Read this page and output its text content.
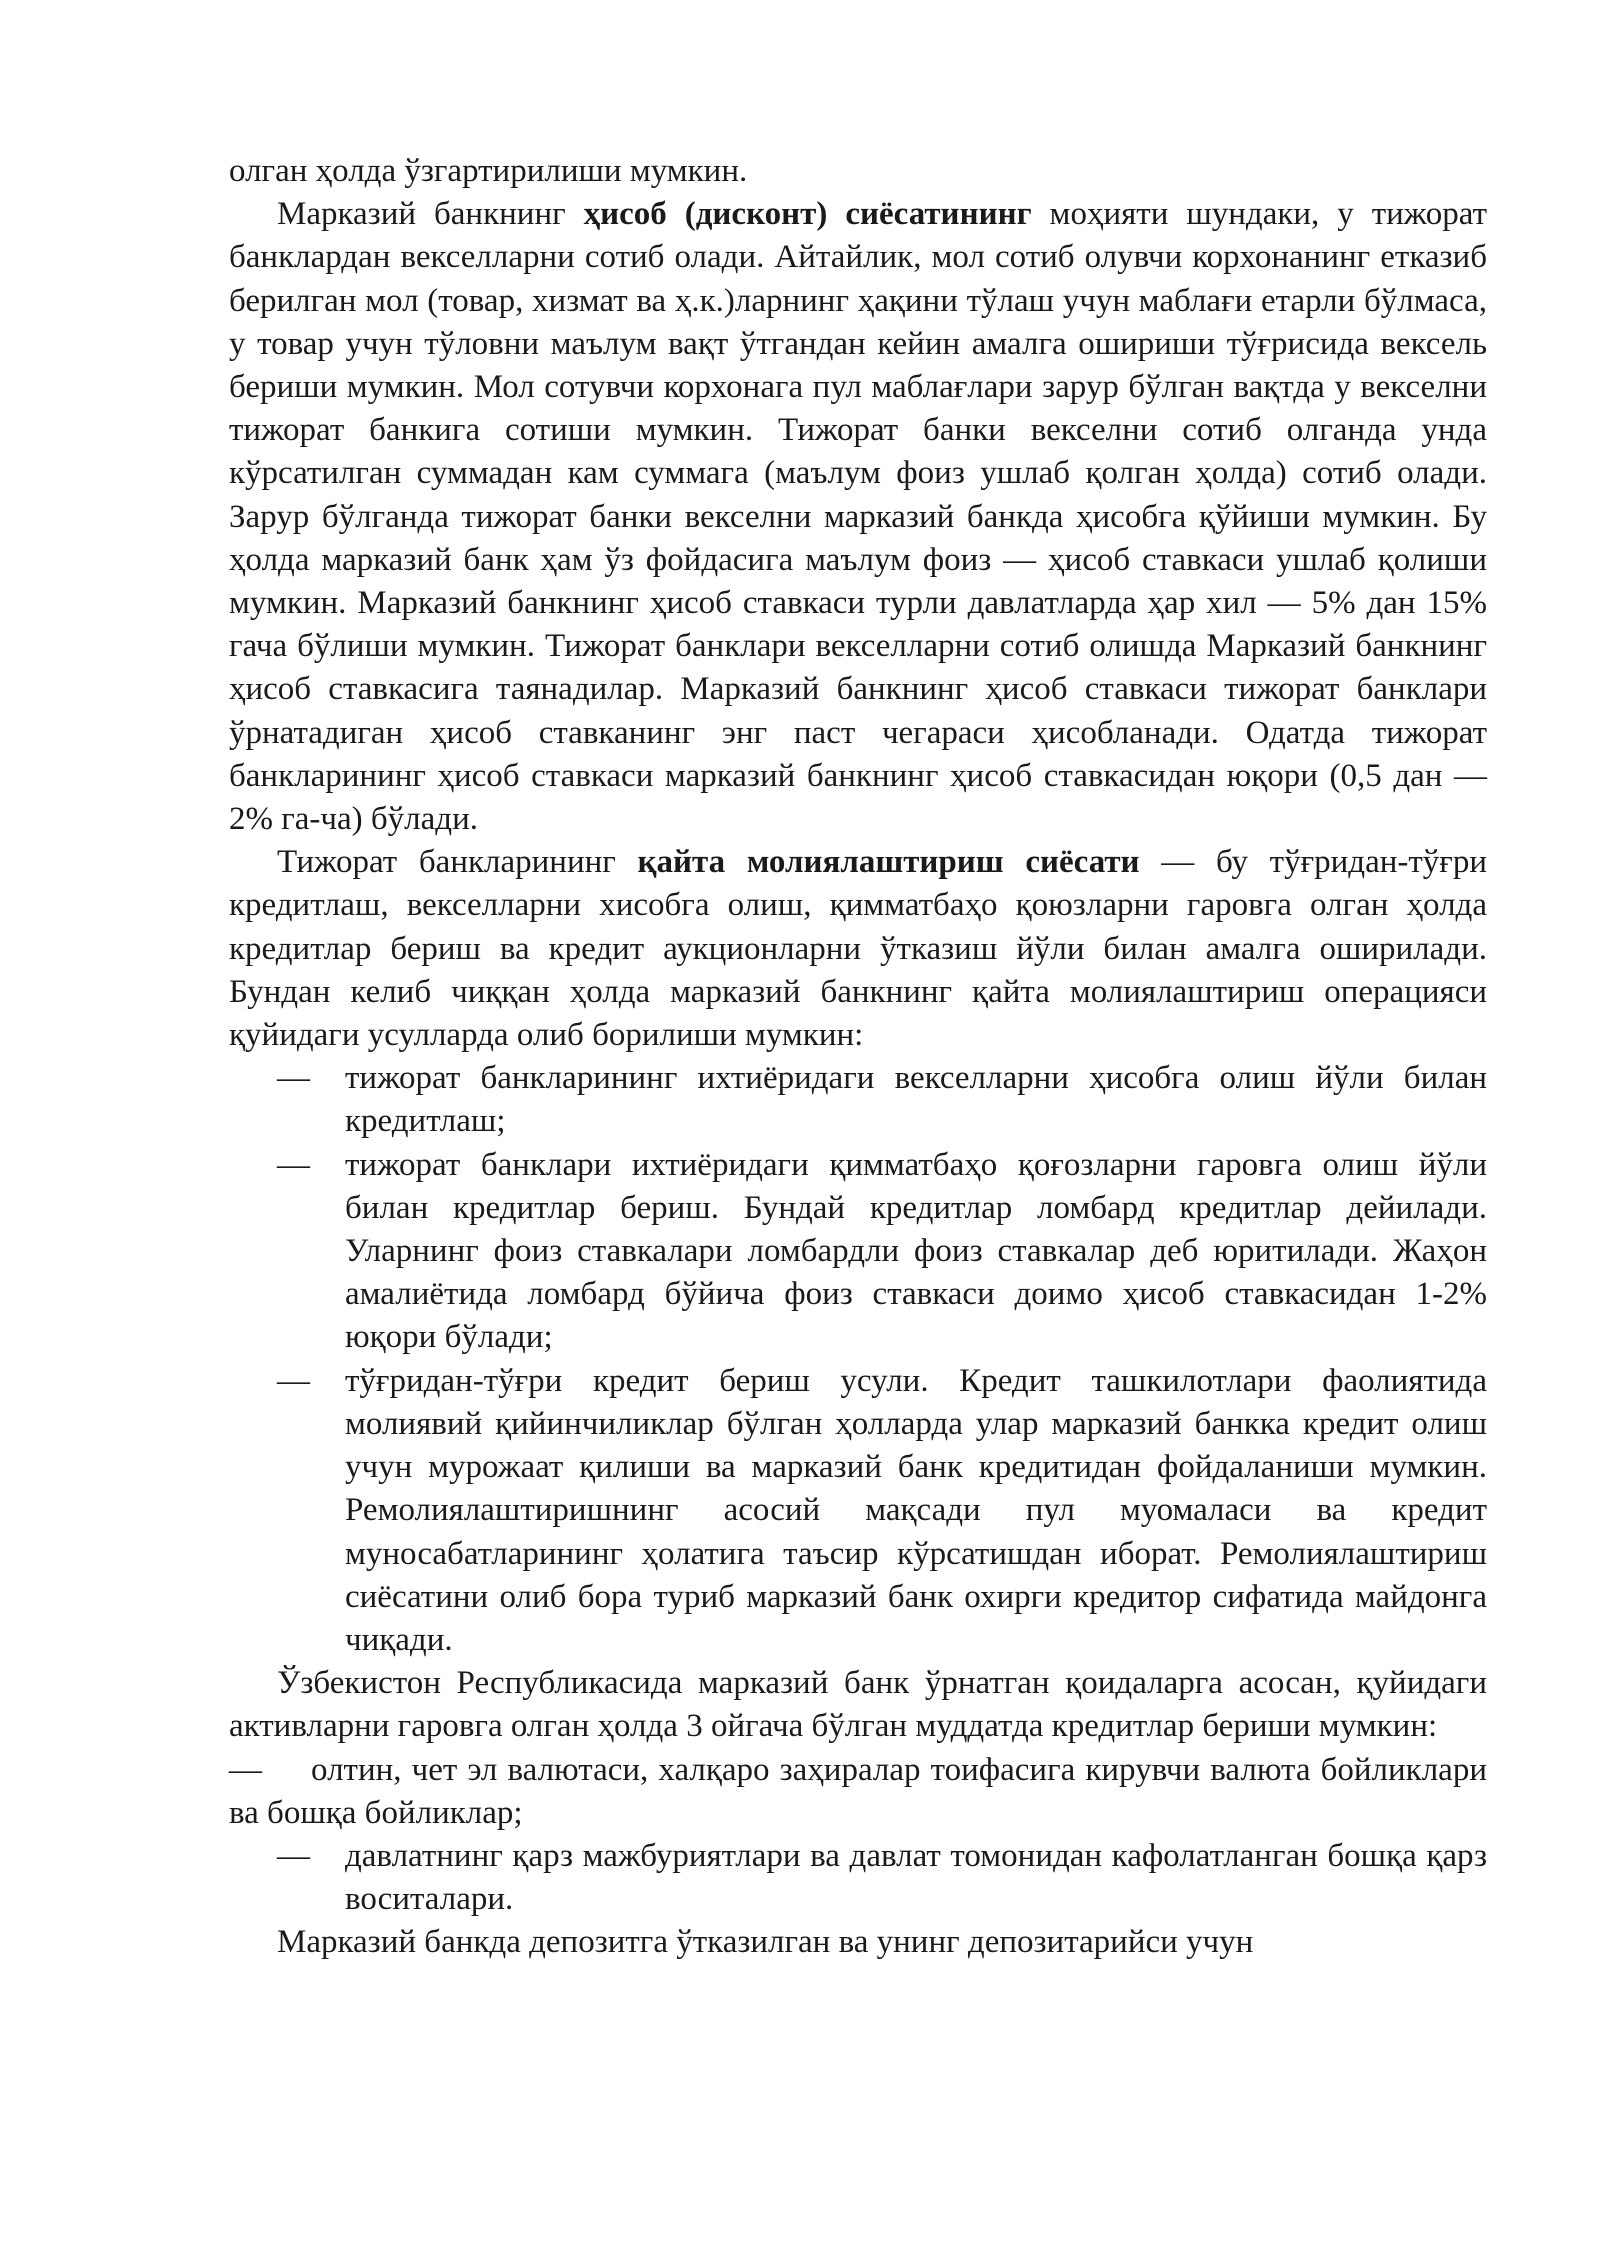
олган ҳолда ўзгартирилиши мумкин.

Марказий банкнинг ҳисоб (дисконт) сиёсатининг моҳияти шундаки, у тижорат банклардан векселларни сотиб олади. Айтайлик, мол сотиб олувчи корхонанинг етказиб берилган мол (товар, хизмат ва ҳ.к.)ларнинг ҳақини тўлаш учун маблағи етарли бўлмаса, у товар учун тўловни маълум вақт ўтгандан кейин амалга ошириши тўғрисида вексель бериши мумкин. Мол сотувчи корхонага пул маблағлари зарур бўлган вақтда у векселни тижорат банкига сотиши мумкин. Тижорат банки векселни сотиб олганда унда кўрсатилган суммадан кам суммага (маълум фоиз ушлаб қолган ҳолда) сотиб олади. Зарур бўлганда тижорат банки векселни марказий банкда ҳисобга қўйиши мумкин. Бу ҳолда марказий банк ҳам ўз фойдасига маълум фоиз — ҳисоб ставкаси ушлаб қолиши мумкин. Марказий банкнинг ҳисоб ставкаси турли давлатларда ҳар хил — 5% дан 15% гача бўлиши мумкин. Тижорат банклари векселларни сотиб олишда Марказий банкнинг ҳисоб ставкасига таянадилар. Марказий банкнинг ҳисоб ставкаси тижорат банклари ўрнатадиган ҳисоб ставканинг энг паст чегараси ҳисобланади. Одатда тижорат банкларининг ҳисоб ставкаси марказий банкнинг ҳисоб ставкасидан юқори (0,5 дан — 2% га-ча) бўлади.

Тижорат банкларининг қайта молиялаштириш сиёсати — бу тўғридан-тўғри кредитлаш, векселларни хисобга олиш, қимматбаҳо қоюзларни гаровга олган ҳолда кредитлар бериш ва кредит аукционларни ўтказиш йўли билан амалга оширилади. Бундан келиб чиққан ҳолда марказий банкнинг қайта молиялаштириш операцияси қуйидаги усулларда олиб борилиши мумкин:

— тижорат банкларининг ихтиёридаги векселларни ҳисобга олиш йўли билан кредитлаш;
— тижорат банклари ихтиёридаги қимматбаҳо қоғозларни гаровга олиш йўли билан кредитлар бериш. Бундай кредитлар ломбард кредитлар дейилади. Уларнинг фоиз ставкалари ломбардли фоиз ставкалар деб юритилади. Жаҳон амалиётида ломбард бўйича фоиз ставкаси доимо ҳисоб ставкасидан 1-2% юқори бўлади;
— тўғридан-тўғри кредит бериш усули. Кредит ташкилотлари фаолиятида молиявий қийинчиликлар бўлган ҳолларда улар марказий банкка кредит олиш учун мурожаат қилиши ва марказий банк кредитидан фойдаланиши мумкин. Ремолиялаштиришнинг асосий мақсади пул муомаласи ва кредит муносабатларининг ҳолатига таъсир кўрсатишдан иборат. Ремолиялаштириш сиёсатини олиб бора туриб марказий банк охирги кредитор сифатида майдонга чиқади.

Ўзбекистон Республикасида марказий банк ўрнатган қоидаларга асосан, қуйидаги активларни гаровга олган ҳолда 3 ойгача бўлган муддатда кредитлар бериши мумкин:

— олтин, чет эл валютаси, халқаро заҳиралар тоифасига кирувчи валюта бойликлари ва бошқа бойликлар;

— давлатнинг қарз мажбуриятлари ва давлат томонидан кафолатланган бошқа қарз воситалари.

Марказий банкда депозитга ўтказилган ва унинг депозитарийси учун
